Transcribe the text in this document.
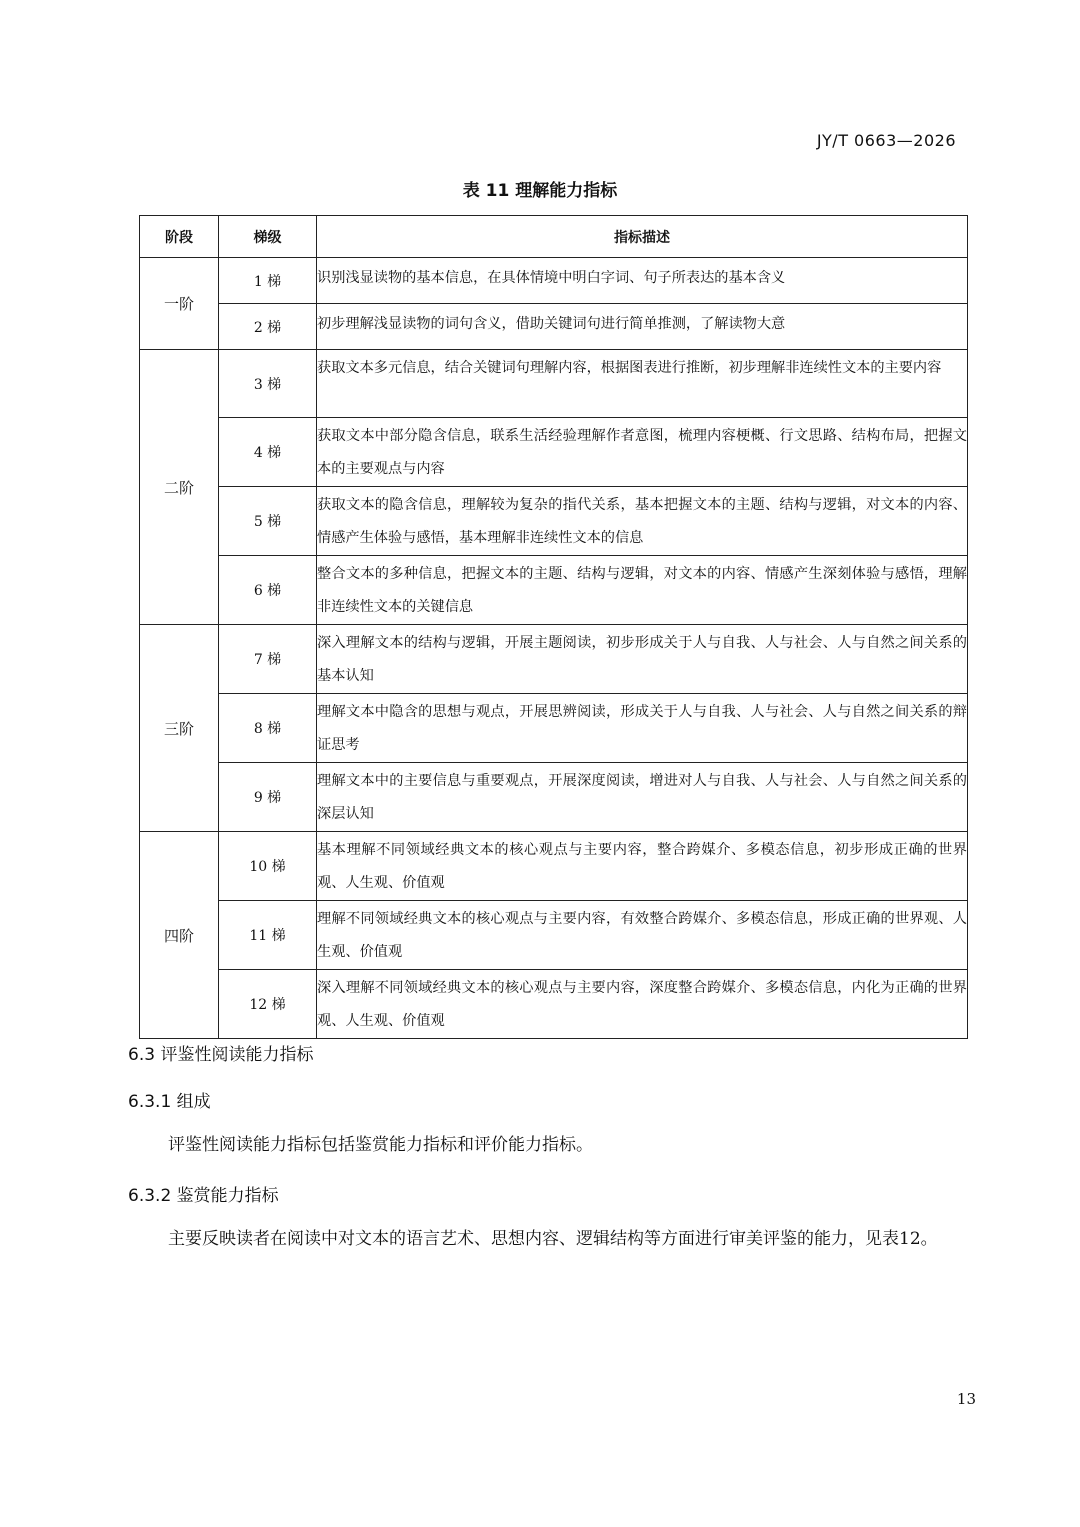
JY/T 0663—2026
表 11 理解能力指标
阶段	梯级	指标描述
一阶	1 梯	识别浅显读物的基本信息，在具体情境中明白字词、句子所表达的基本含义
	2 梯	初步理解浅显读物的词句含义，借助关键词句进行简单推测，了解读物大意
二阶	3 梯	获取文本多元信息，结合关键词句理解内容，根据图表进行推断，初步理解非连续性文本的主要内容
	4 梯	获取文本中部分隐含信息，联系生活经验理解作者意图，梳理内容梗概、行文思路、结构布局，把握文本的主要观点与内容
	5 梯	获取文本的隐含信息，理解较为复杂的指代关系，基本把握文本的主题、结构与逻辑，对文本的内容、情感产生体验与感悟，基本理解非连续性文本的信息
	6 梯	整合文本的多种信息，把握文本的主题、结构与逻辑，对文本的内容、情感产生深刻体验与感悟，理解非连续性文本的关键信息
三阶	7 梯	深入理解文本的结构与逻辑，开展主题阅读，初步形成关于人与自我、人与社会、人与自然之间关系的基本认知
	8 梯	理解文本中隐含的思想与观点，开展思辨阅读，形成关于人与自我、人与社会、人与自然之间关系的辩证思考
	9 梯	理解文本中的主要信息与重要观点，开展深度阅读，增进对人与自我、人与社会、人与自然之间关系的深层认知
四阶	10 梯	基本理解不同领域经典文本的核心观点与主要内容，整合跨媒介、多模态信息，初步形成正确的世界观、人生观、价值观
	11 梯	理解不同领域经典文本的核心观点与主要内容，有效整合跨媒介、多模态信息，形成正确的世界观、人生观、价值观
	12 梯	深入理解不同领域经典文本的核心观点与主要内容，深度整合跨媒介、多模态信息，内化为正确的世界观、人生观、价值观
6.3 评鉴性阅读能力指标
6.3.1 组成
评鉴性阅读能力指标包括鉴赏能力指标和评价能力指标。
6.3.2 鉴赏能力指标
主要反映读者在阅读中对文本的语言艺术、思想内容、逻辑结构等方面进行审美评鉴的能力，见表12。
13
